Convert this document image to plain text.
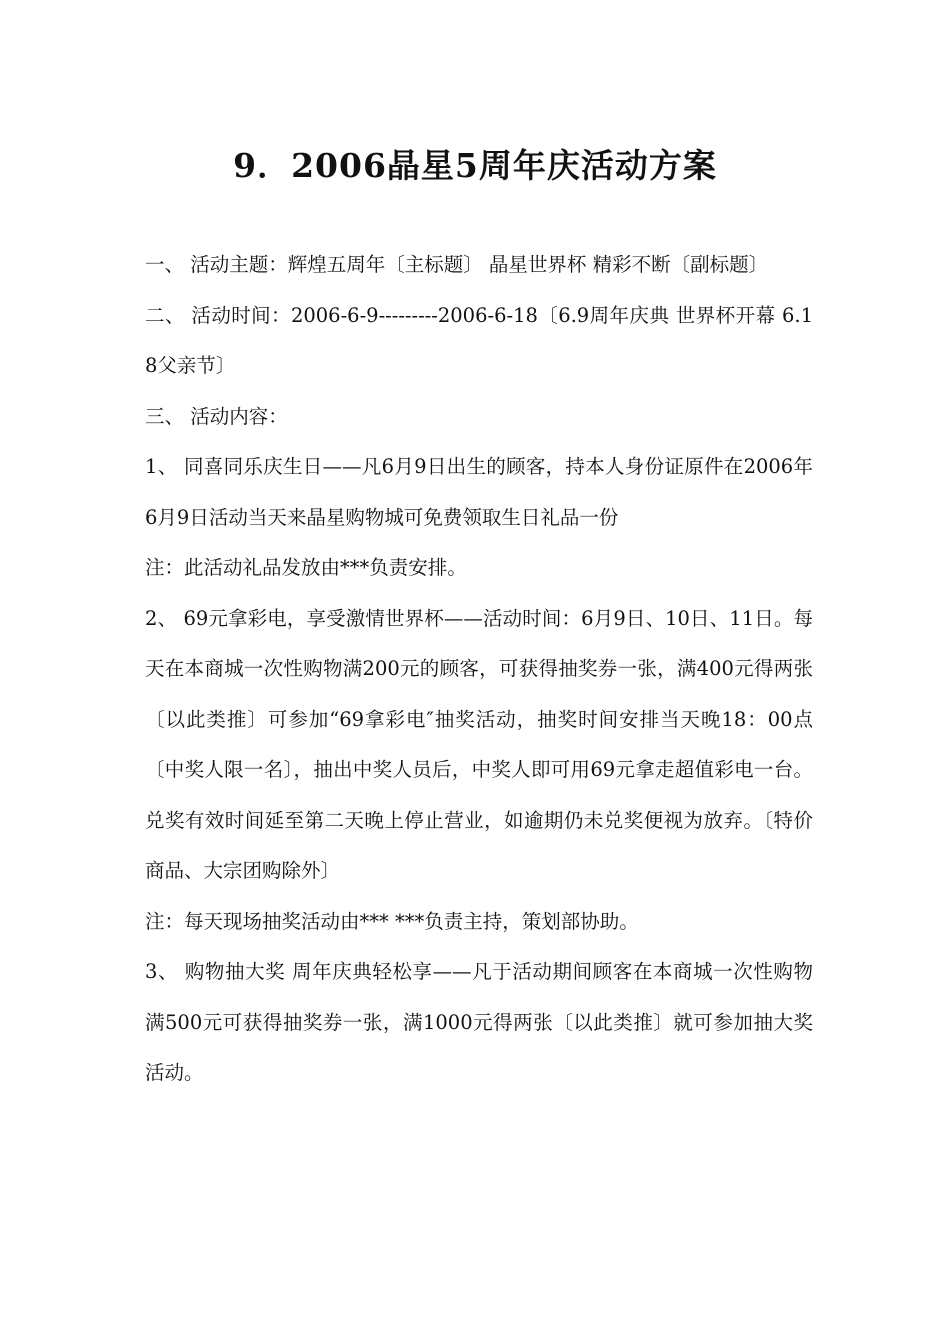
9．2006晶星5周年庆活动方案

一、 活动主题：辉煌五周年〔主标题〕 晶星世界杯 精彩不断〔副标题〕

二、 活动时间：2006-6-9---------2006-6-18〔6.9周年庆典 世界杯开幕 6.18父亲节〕

三、 活动内容：

1、 同喜同乐庆生日——凡6月9日出生的顾客，持本人身份证原件在2006年6月9日活动当天来晶星购物城可免费领取生日礼品一份

注：此活动礼品发放由***负责安排。

2、 69元拿彩电，享受激情世界杯——活动时间：6月9日、10日、11日。每天在本商城一次性购物满200元的顾客，可获得抽奖券一张，满400元得两张〔以此类推〕可参加“69拿彩电″抽奖活动，抽奖时间安排当天晚18：00点〔中奖人限一名〕，抽出中奖人员后，中奖人即可用69元拿走超值彩电一台。兑奖有效时间延至第二天晚上停止营业，如逾期仍未兑奖便视为放弃。〔特价商品、大宗团购除外〕

注：每天现场抽奖活动由*** ***负责主持，策划部协助。

3、 购物抽大奖 周年庆典轻松享——凡于活动期间顾客在本商城一次性购物满500元可获得抽奖券一张，满1000元得两张〔以此类推〕就可参加抽大奖活动。
